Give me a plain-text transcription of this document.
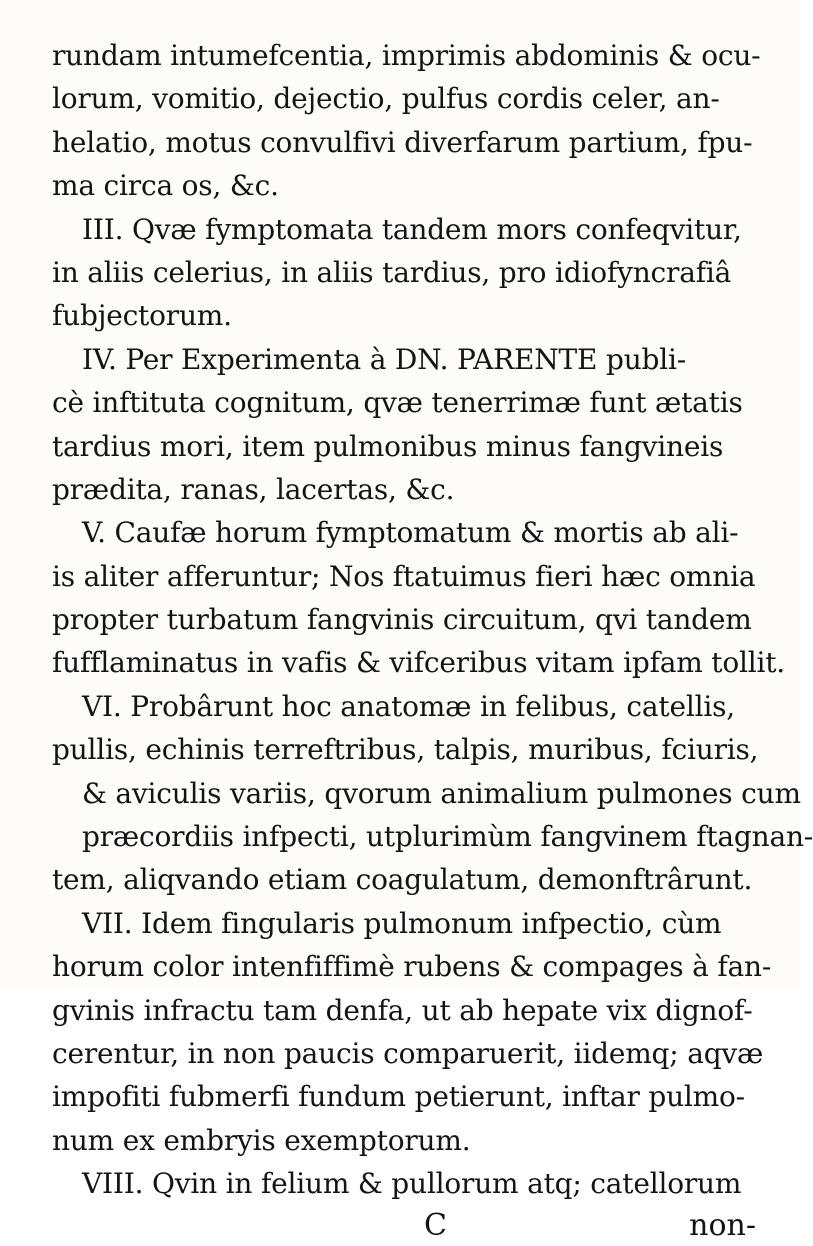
rundam intumefcentia, imprimis abdominis & ocu-
lorum, vomitio, dejectio, pulfus cordis celer, an-
helatio, motus convulfivi diverfarum partium, fpu-
ma circa os, &c.
III. Qvæ fymptomata tandem mors confeqvitur,
in aliis celerius, in aliis tardius, pro idiofyncrafiâ
fubjectorum.
IV. Per Experimenta à DN. PARENTE publi-
cè inftituta cognitum, qvæ tenerrimæ funt ætatis
tardius mori, item pulmonibus minus fangvineis
prædita, ranas, lacertas, &c.
V. Caufæ horum fymptomatum & mortis ab ali-
is aliter afferuntur; Nos ftatuimus fieri hæc omnia
propter turbatum fangvinis circuitum, qvi tandem
fufflaminatus in vafis & vifceribus vitam ipfam tollit.
VI. Probârunt hoc anatomæ in felibus, catellis,
pullis, echinis terreftribus, talpis, muribus, fciuris,
& aviculis variis, qvorum animalium pulmones cum
præcordiis infpecti, utplurimùm fangvinem ftagnan-
tem, aliqvando etiam coagulatum, demonftrârunt.
VII. Idem fingularis pulmonum infpectio, cùm
horum color intenfiffimè rubens & compages à fan-
gvinis infractu tam denfa, ut ab hepate vix dignof-
cerentur, in non paucis comparuerit, iidemq; aqvæ
impofiti fubmerfi fundum petierunt, inftar pulmo-
num ex embryis exemptorum.
VIII. Qvin in felium & pullorum atq; catellorum
C	non-
